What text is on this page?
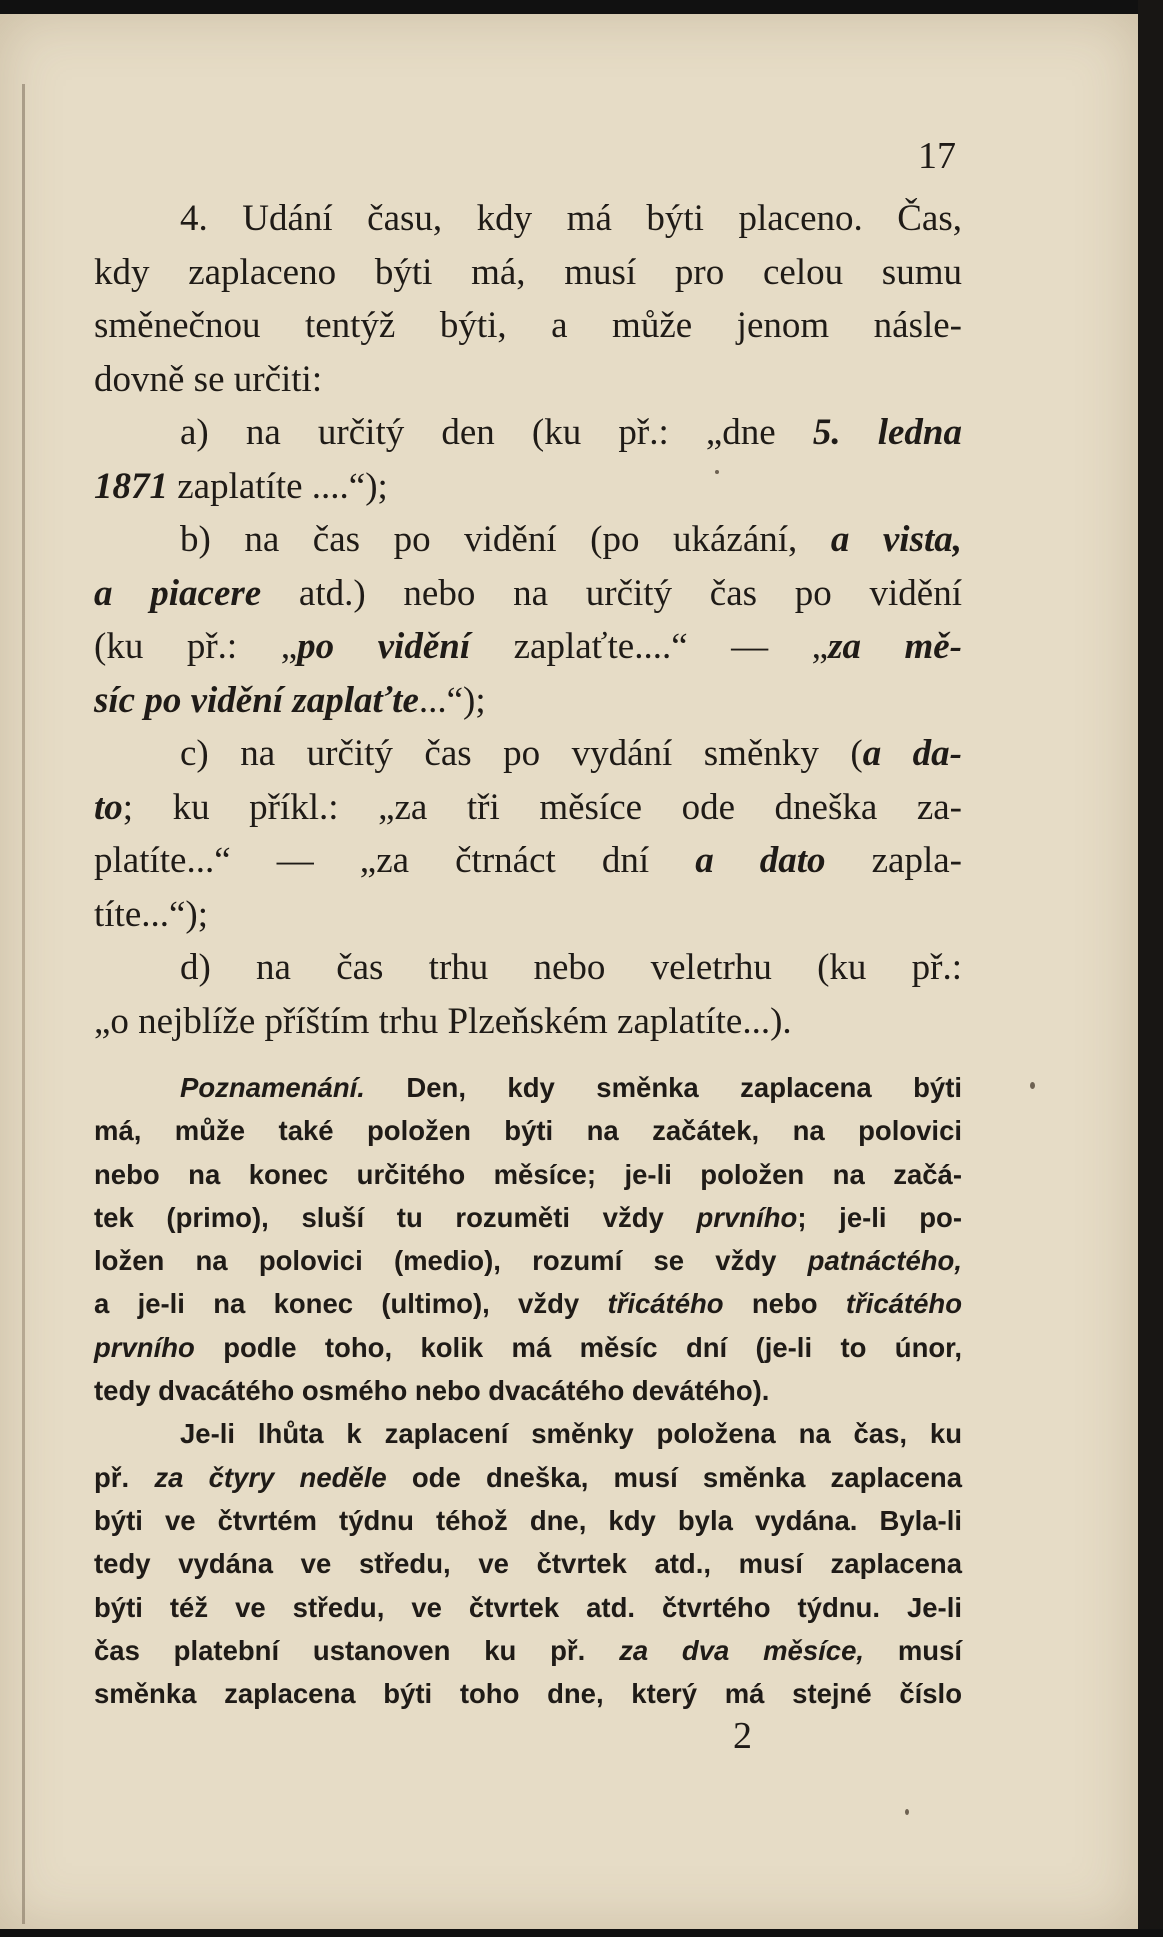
17

4. Udání času, kdy má býti placeno. Čas,

kdy zaplaceno býti má, musí pro celou sumu

směnečnou tentýž býti, a může jenom násle-

dovně se určiti:

a) na určitý den (ku př.: „dne 5. ledna

1871 zaplatíte ....“);

b) na čas po vidění (po ukázání, a vista,

a piacere atd.) nebo na určitý čas po vidění

(ku př.: „po vidění zaplaťte....“ — „za mě-

síc po vidění zaplaťte...“);

c) na určitý čas po vydání směnky (a da-

to; ku příkl.: „za tři měsíce ode dneška za-

platíte...“ — „za čtrnáct dní a dato zapla-

títe...“);

d) na čas trhu nebo veletrhu (ku př.:

„o nejblíže příštím trhu Plzeňském zaplatíte...).

Poznamenání. Den, kdy směnka zaplacena býti

má, může také položen býti na začátek, na polovici

nebo na konec určitého měsíce; je-li položen na začá-

tek (primo), sluší tu rozuměti vždy prvního; je-li po-

ložen na polovici (medio), rozumí se vždy patnáctého,

a je-li na konec (ultimo), vždy třicátého nebo třicátého

prvního podle toho, kolik má měsíc dní (je-li to únor,

tedy dvacátého osmého nebo dvacátého devátého).

Je-li lhůta k zaplacení směnky položena na čas, ku

př. za čtyry neděle ode dneška, musí směnka zaplacena

býti ve čtvrtém týdnu téhož dne, kdy byla vydána. Byla-li

tedy vydána ve středu, ve čtvrtek atd., musí zaplacena

býti též ve středu, ve čtvrtek atd. čtvrtého týdnu. Je-li

čas platební ustanoven ku př. za dva měsíce, musí

směnka zaplacena býti toho dne, který má stejné číslo

2
